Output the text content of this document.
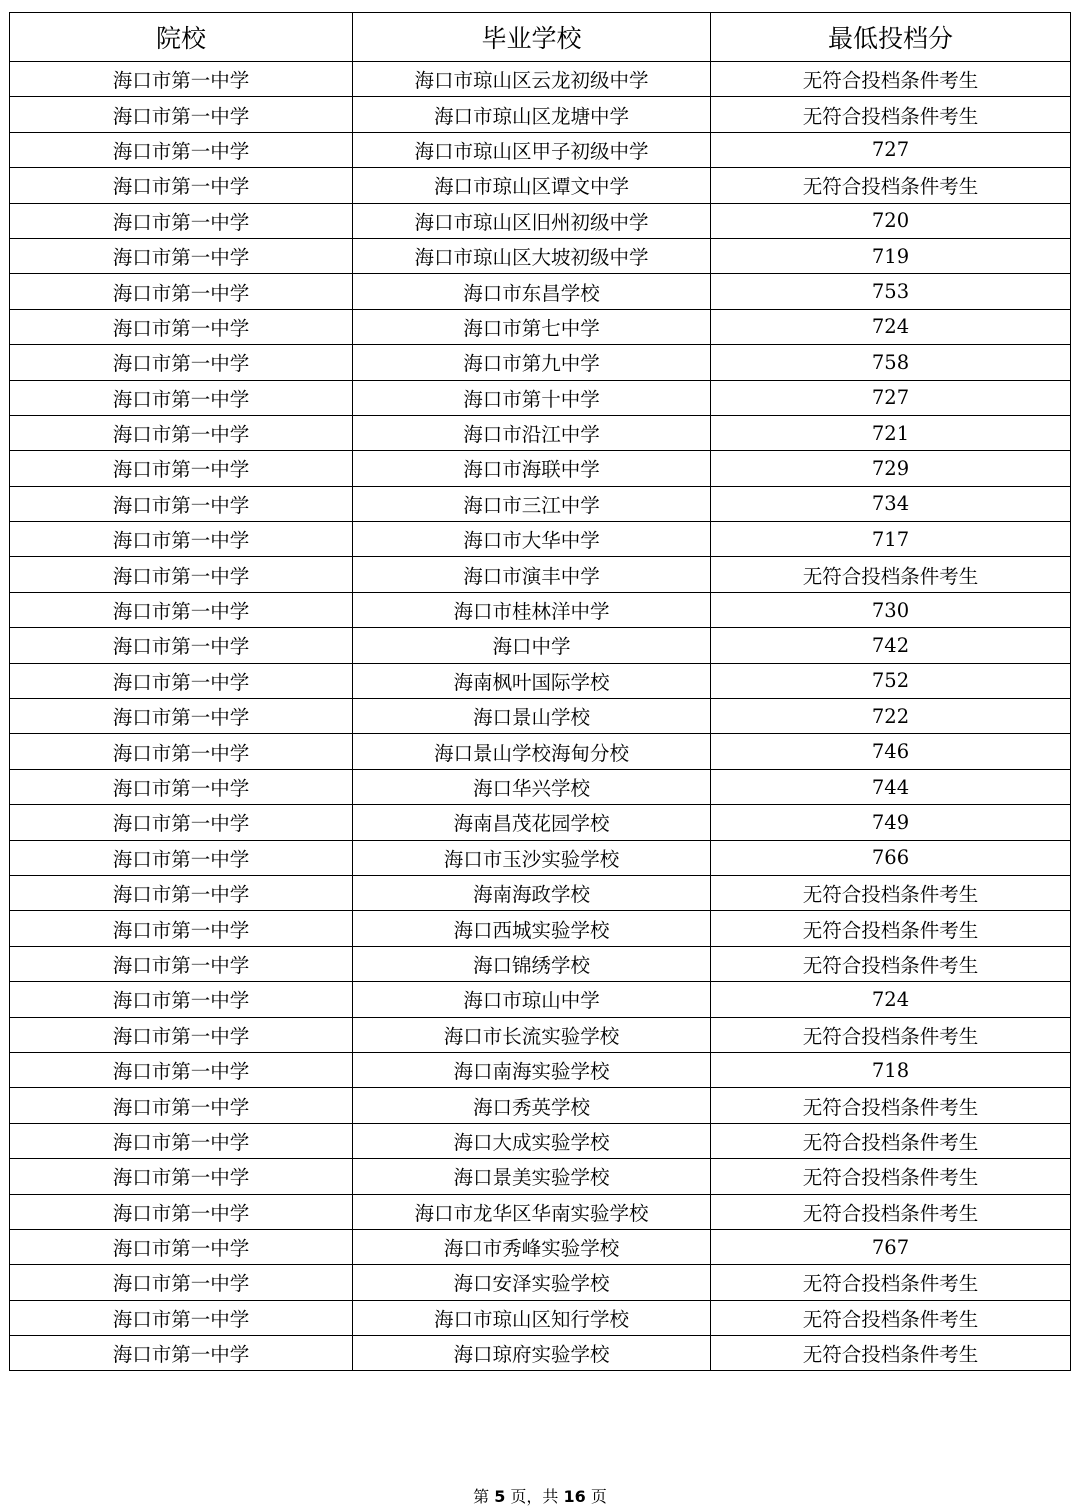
院校	毕业学校	最低投档分
海口市第一中学	海口市琼山区云龙初级中学	无符合投档条件考生
海口市第一中学	海口市琼山区龙塘中学	无符合投档条件考生
海口市第一中学	海口市琼山区甲子初级中学	727
海口市第一中学	海口市琼山区谭文中学	无符合投档条件考生
海口市第一中学	海口市琼山区旧州初级中学	720
海口市第一中学	海口市琼山区大坡初级中学	719
海口市第一中学	海口市东昌学校	753
海口市第一中学	海口市第七中学	724
海口市第一中学	海口市第九中学	758
海口市第一中学	海口市第十中学	727
海口市第一中学	海口市沿江中学	721
海口市第一中学	海口市海联中学	729
海口市第一中学	海口市三江中学	734
海口市第一中学	海口市大华中学	717
海口市第一中学	海口市演丰中学	无符合投档条件考生
海口市第一中学	海口市桂林洋中学	730
海口市第一中学	海口中学	742
海口市第一中学	海南枫叶国际学校	752
海口市第一中学	海口景山学校	722
海口市第一中学	海口景山学校海甸分校	746
海口市第一中学	海口华兴学校	744
海口市第一中学	海南昌茂花园学校	749
海口市第一中学	海口市玉沙实验学校	766
海口市第一中学	海南海政学校	无符合投档条件考生
海口市第一中学	海口西城实验学校	无符合投档条件考生
海口市第一中学	海口锦绣学校	无符合投档条件考生
海口市第一中学	海口市琼山中学	724
海口市第一中学	海口市长流实验学校	无符合投档条件考生
海口市第一中学	海口南海实验学校	718
海口市第一中学	海口秀英学校	无符合投档条件考生
海口市第一中学	海口大成实验学校	无符合投档条件考生
海口市第一中学	海口景美实验学校	无符合投档条件考生
海口市第一中学	海口市龙华区华南实验学校	无符合投档条件考生
海口市第一中学	海口市秀峰实验学校	767
海口市第一中学	海口安泽实验学校	无符合投档条件考生
海口市第一中学	海口市琼山区知行学校	无符合投档条件考生
海口市第一中学	海口琼府实验学校	无符合投档条件考生
第 5 页，共 16 页
